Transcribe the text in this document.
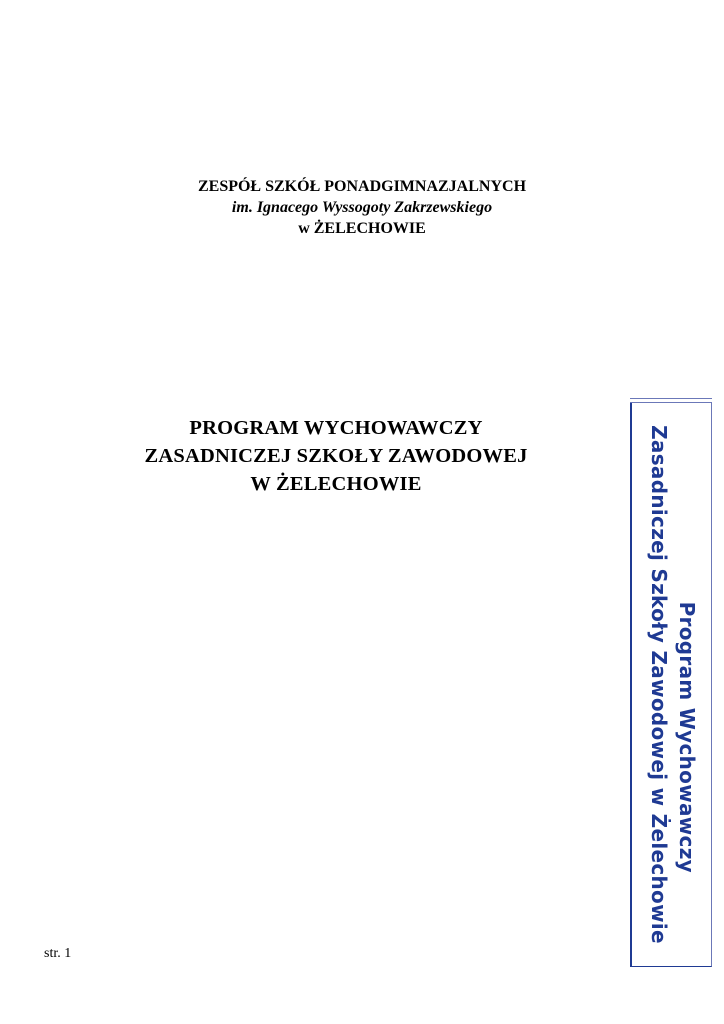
ZESPÓŁ SZKÓŁ PONADGIMNAZJALNYCH
im. Ignacego Wyssogoty Zakrzewskiego
w ŻELECHOWIE
PROGRAM WYCHOWAWCZY
ZASADNICZEJ SZKOŁY ZAWODOWEJ
W ŻELECHOWIE
Program Wychowawczy
Zasadniczej Szkoły Zawodowej w Żelechowie
str. 1
